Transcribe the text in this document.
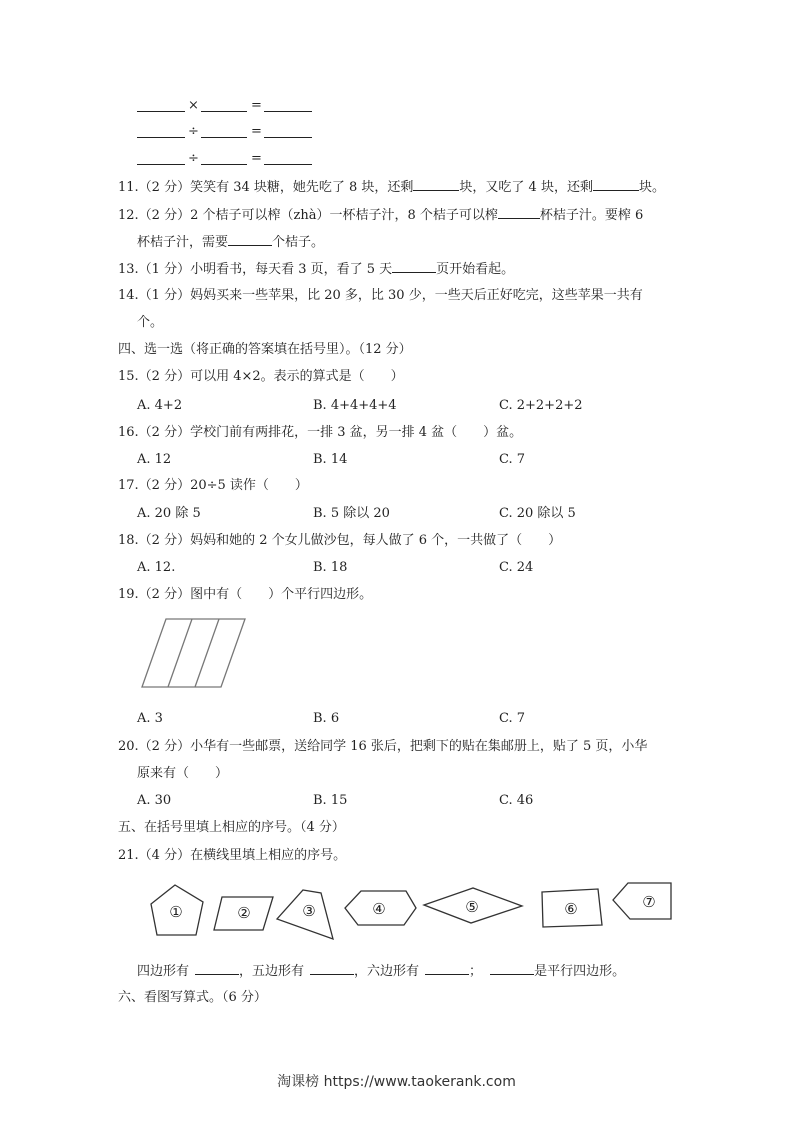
×	=
÷	=
÷	=
11.（2 分）笑笑有 34 块糖，她先吃了 8 块，还剩	块，又吃了 4 块，还剩	块。
12.（2 分）2 个桔子可以榨（zhà）一杯桔子汁，8 个桔子可以榨	杯桔子汁。要榨 6
杯桔子汁，需要	个桔子。
13.（1 分）小明看书，每天看 3 页，看了 5 天	页开始看起。
14.（1 分）妈妈买来一些苹果，比 20 多，比 30 少，一些天后正好吃完，这些苹果一共有
个。
四、选一选（将正确的答案填在括号里）。（12 分）
15.（2 分）可以用 4×2。表示的算式是（　　）
A. 4+2	B. 4+4+4+4	C. 2+2+2+2
16.（2 分）学校门前有两排花，一排 3 盆，另一排 4 盆（　　）盆。
A. 12	B. 14	C. 7
17.（2 分）20÷5 读作（　　）
A. 20 除 5	B. 5 除以 20	C. 20 除以 5
18.（2 分）妈妈和她的 2 个女儿做沙包，每人做了 6 个，一共做了（　　）
A. 12.	B. 18	C. 24
19.（2 分）图中有（　　）个平行四边形。
A. 3	B. 6	C. 7
20.（2 分）小华有一些邮票，送给同学 16 张后，把剩下的贴在集邮册上，贴了 5 页，小华
原来有（　　）
A. 30	B. 15	C. 46
五、在括号里填上相应的序号。（4 分）
21.（4 分）在横线里填上相应的序号。
①	②	③	④	⑤	⑥	⑦
四边形有	，五边形有	，六边形有	；	是平行四边形。
六、看图写算式。（6 分）
淘课榜 https://www.taokerank.com
